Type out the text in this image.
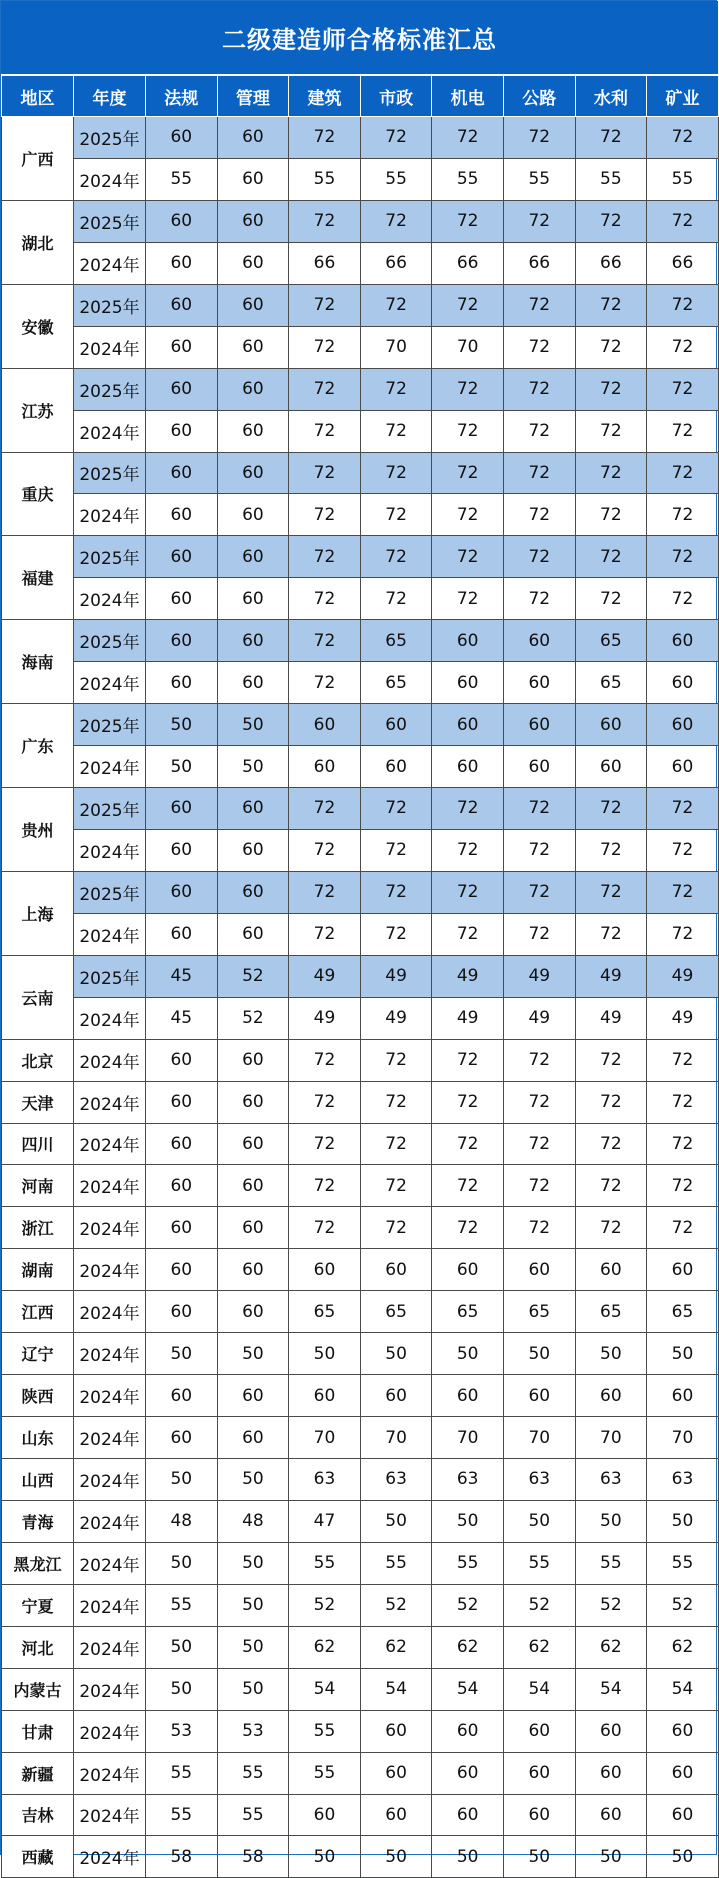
二级建造师合格标准汇总
地区	年度	法规	管理	建筑	市政	机电	公路	水利	矿业
广西	2025年	60	60	72	72	72	72	72	72
	2024年	55	60	55	55	55	55	55	55
湖北	2025年	60	60	72	72	72	72	72	72
	2024年	60	60	66	66	66	66	66	66
安徽	2025年	60	60	72	72	72	72	72	72
	2024年	60	60	72	70	70	72	72	72
江苏	2025年	60	60	72	72	72	72	72	72
	2024年	60	60	72	72	72	72	72	72
重庆	2025年	60	60	72	72	72	72	72	72
	2024年	60	60	72	72	72	72	72	72
福建	2025年	60	60	72	72	72	72	72	72
	2024年	60	60	72	72	72	72	72	72
海南	2025年	60	60	72	65	60	60	65	60
	2024年	60	60	72	65	60	60	65	60
广东	2025年	50	50	60	60	60	60	60	60
	2024年	50	50	60	60	60	60	60	60
贵州	2025年	60	60	72	72	72	72	72	72
	2024年	60	60	72	72	72	72	72	72
上海	2025年	60	60	72	72	72	72	72	72
	2024年	60	60	72	72	72	72	72	72
云南	2025年	45	52	49	49	49	49	49	49
	2024年	45	52	49	49	49	49	49	49
北京	2024年	60	60	72	72	72	72	72	72
天津	2024年	60	60	72	72	72	72	72	72
四川	2024年	60	60	72	72	72	72	72	72
河南	2024年	60	60	72	72	72	72	72	72
浙江	2024年	60	60	72	72	72	72	72	72
湖南	2024年	60	60	60	60	60	60	60	60
江西	2024年	60	60	65	65	65	65	65	65
辽宁	2024年	50	50	50	50	50	50	50	50
陕西	2024年	60	60	60	60	60	60	60	60
山东	2024年	60	60	70	70	70	70	70	70
山西	2024年	50	50	63	63	63	63	63	63
青海	2024年	48	48	47	50	50	50	50	50
黑龙江	2024年	50	50	55	55	55	55	55	55
宁夏	2024年	55	50	52	52	52	52	52	52
河北	2024年	50	50	62	62	62	62	62	62
内蒙古	2024年	50	50	54	54	54	54	54	54
甘肃	2024年	53	53	55	60	60	60	60	60
新疆	2024年	55	55	55	60	60	60	60	60
吉林	2024年	55	55	60	60	60	60	60	60
西藏	2024年	58	58	50	50	50	50	50	50
